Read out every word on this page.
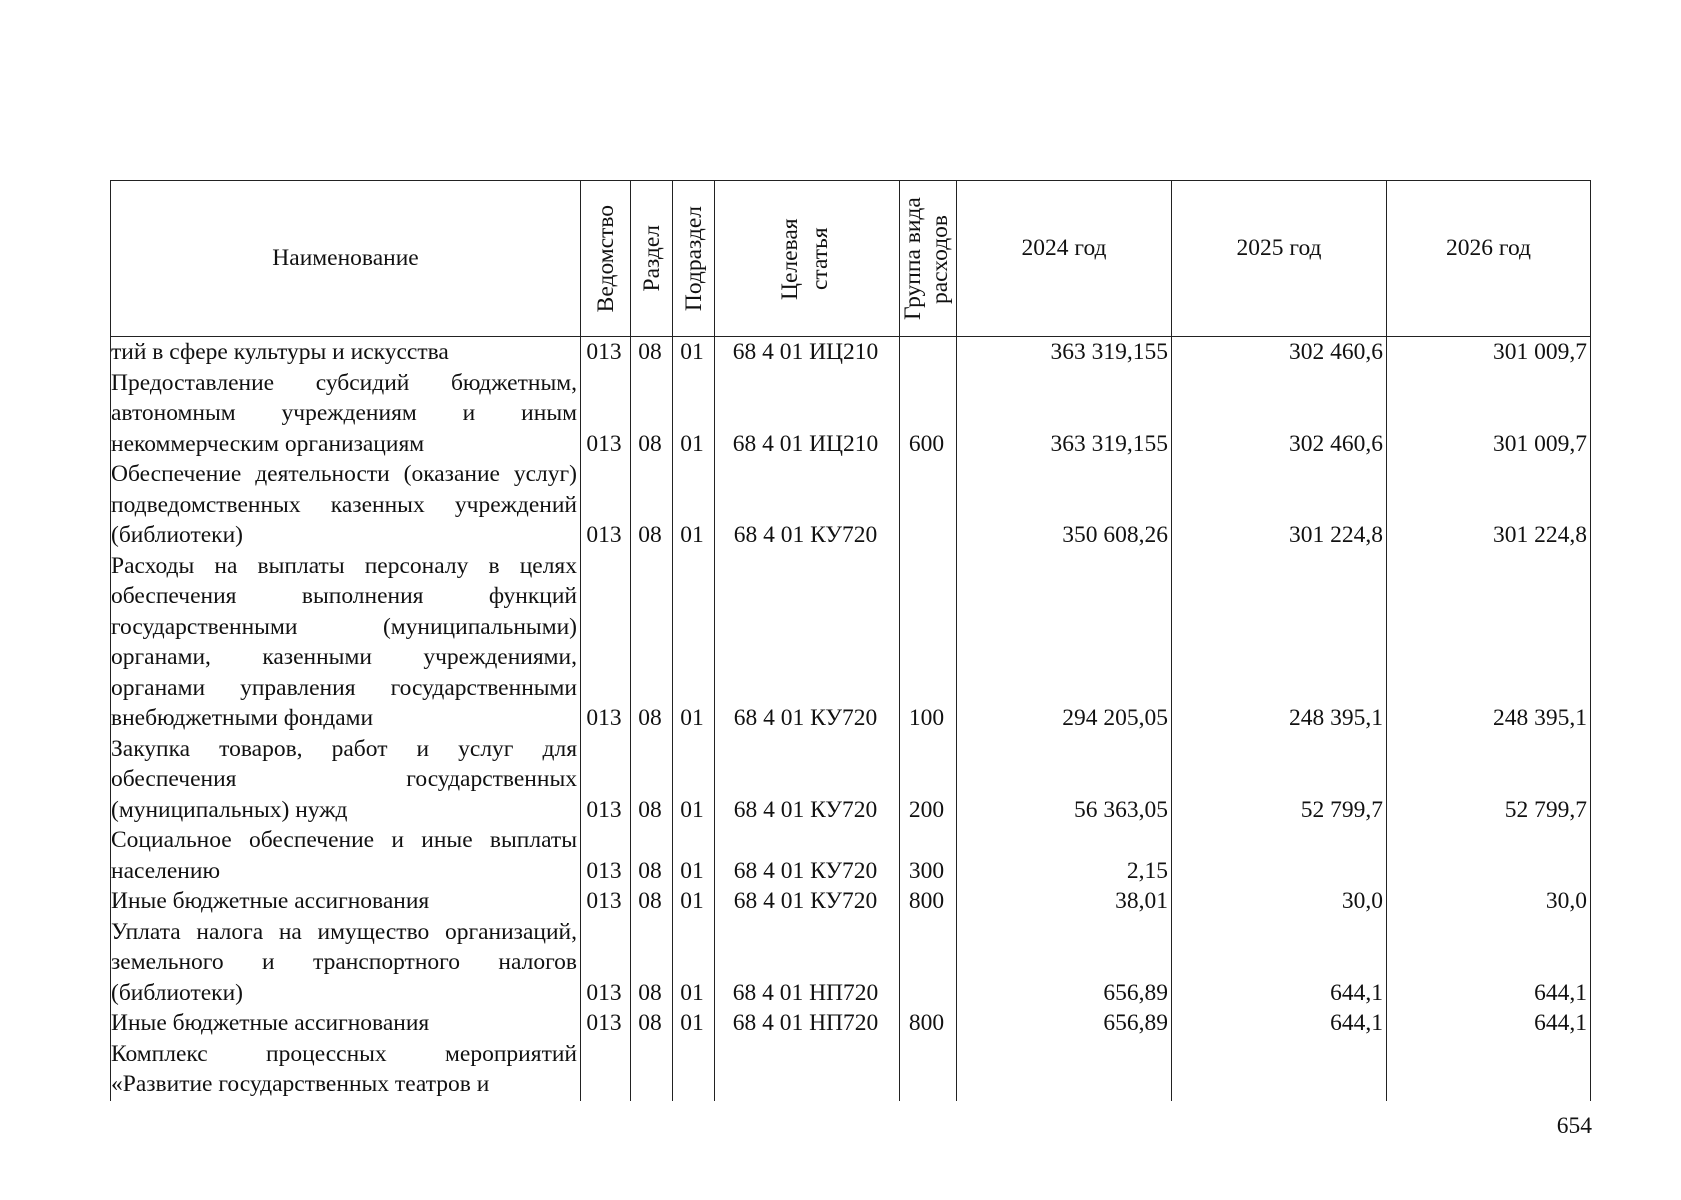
Наименование	Ведомство	Раздел	Подраздел	Целевая статья	Группа вида расходов	2024 год	2025 год	2026 год
тий в сфере культуры и искусства	013	08	01	68 4 01 ИЦ210		363 319,155	302 460,6	301 009,7
Предоставление субсидий бюджетным, автономным учреждениям и иным некоммерческим организациям	013	08	01	68 4 01 ИЦ210	600	363 319,155	302 460,6	301 009,7
Обеспечение деятельности (оказание услуг) подведомственных казенных учреждений (библиотеки)	013	08	01	68 4 01 КУ720		350 608,26	301 224,8	301 224,8
Расходы на выплаты персоналу в целях обеспечения выполнения функций государственными (муниципальными) органами, казенными учреждениями, органами управления государственными внебюджетными фондами	013	08	01	68 4 01 КУ720	100	294 205,05	248 395,1	248 395,1
Закупка товаров, работ и услуг для обеспечения государственных (муниципальных) нужд	013	08	01	68 4 01 КУ720	200	56 363,05	52 799,7	52 799,7
Социальное обеспечение и иные выплаты населению	013	08	01	68 4 01 КУ720	300	2,15		
Иные бюджетные ассигнования	013	08	01	68 4 01 КУ720	800	38,01	30,0	30,0
Уплата налога на имущество организаций, земельного и транспортного налогов (библиотеки)	013	08	01	68 4 01 НП720		656,89	644,1	644,1
Иные бюджетные ассигнования	013	08	01	68 4 01 НП720	800	656,89	644,1	644,1
Комплекс процессных мероприятий «Развитие государственных театров и								
654
